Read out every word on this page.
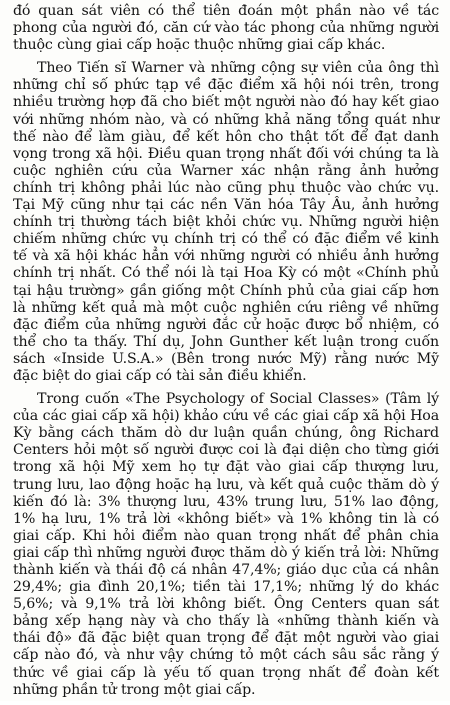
đó quan sát viên có thể tiên đoán một phần nào về tác phong của người đó, căn cứ vào tác phong của những người thuộc cùng giai cấp hoặc thuộc những giai cấp khác.

Theo Tiến sĩ Warner và những cộng sự viên của ông thì những chỉ số phức tạp về đặc điểm xã hội nói trên, trong nhiều trường hợp đã cho biết một người nào đó hay kết giao với những nhóm nào, và có những khả năng tổng quát như thế nào để làm giàu, để kết hôn cho thật tốt để đạt danh vọng trong xã hội. Điều quan trọng nhất đối với chúng ta là cuộc nghiên cứu của Warner xác nhận rằng ảnh hưởng chính trị không phải lúc nào cũng phụ thuộc vào chức vụ. Tại Mỹ cũng như tại các nền Văn hóa Tây Âu, ảnh hưởng chính trị thường tách biệt khỏi chức vụ. Những người hiện chiếm những chức vụ chính trị có thể có đặc điểm về kinh tế và xã hội khác hẳn với những người có nhiều ảnh hưởng chính trị nhất. Có thể nói là tại Hoa Kỳ có một «Chính phủ tại hậu trường» gần giống một Chính phủ của giai cấp hơn là những kết quả mà một cuộc nghiên cứu riêng về những đặc điểm của những người đắc cử hoặc được bổ nhiệm, có thể cho ta thấy. Thí dụ, John Gunther kết luận trong cuốn sách «Inside U.S.A.» (Bên trong nước Mỹ) rằng nước Mỹ đặc biệt do giai cấp có tài sản điều khiển.

Trong cuốn «The Psychology of Social Classes» (Tâm lý của các giai cấp xã hội) khảo cứu về các giai cấp xã hội Hoa Kỳ bằng cách thăm dò dư luận quần chúng, ông Richard Centers hỏi một số người được coi là đại diện cho từng giới trong xã hội Mỹ xem họ tự đặt vào giai cấp thượng lưu, trung lưu, lao động hoặc hạ lưu, và kết quả cuộc thăm dò ý kiến đó là: 3% thượng lưu, 43% trung lưu, 51% lao động, 1% hạ lưu, 1% trả lời «không biết» và 1% không tin là có giai cấp. Khi hỏi điểm nào quan trọng nhất để phân chia giai cấp thì những người được thăm dò ý kiến trả lời: Những thành kiến và thái độ cá nhân 47,4%; giáo dục của cá nhân 29,4%; gia đình 20,1%; tiền tài 17,1%; những lý do khác 5,6%; và 9,1% trả lời không biết. Ông Centers quan sát bảng xếp hạng này và cho thấy là «những thành kiến và thái độ» đã đặc biệt quan trọng để đặt một người vào giai cấp nào đó, và như vậy chứng tỏ một cách sâu sắc rằng ý thức về giai cấp là yếu tố quan trọng nhất để đoàn kết những phần tử trong một giai cấp.
